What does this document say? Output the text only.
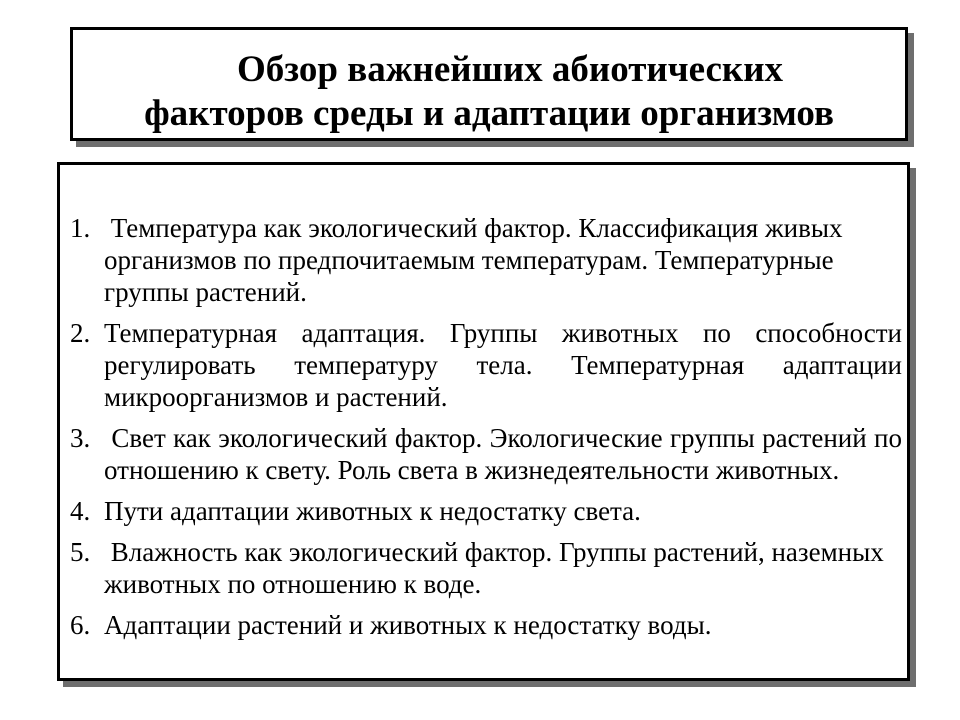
Обзор важнейших абиотических
факторов среды и адаптации организмов
1. Температура как экологический фактор. Классификация живых организмов по предпочитаемым температурам. Температурные группы растений.
2. Температурная адаптация. Группы животных по способности регулировать температуру тела. Температурная адаптации микроорганизмов и растений.
3. Свет как экологический фактор. Экологические группы растений по отношению к свету. Роль света в жизнедеятельности животных.
4. Пути адаптации животных к недостатку света.
5. Влажность как экологический фактор. Группы растений, наземных животных по отношению к воде.
6. Адаптации растений и животных к недостатку воды.
